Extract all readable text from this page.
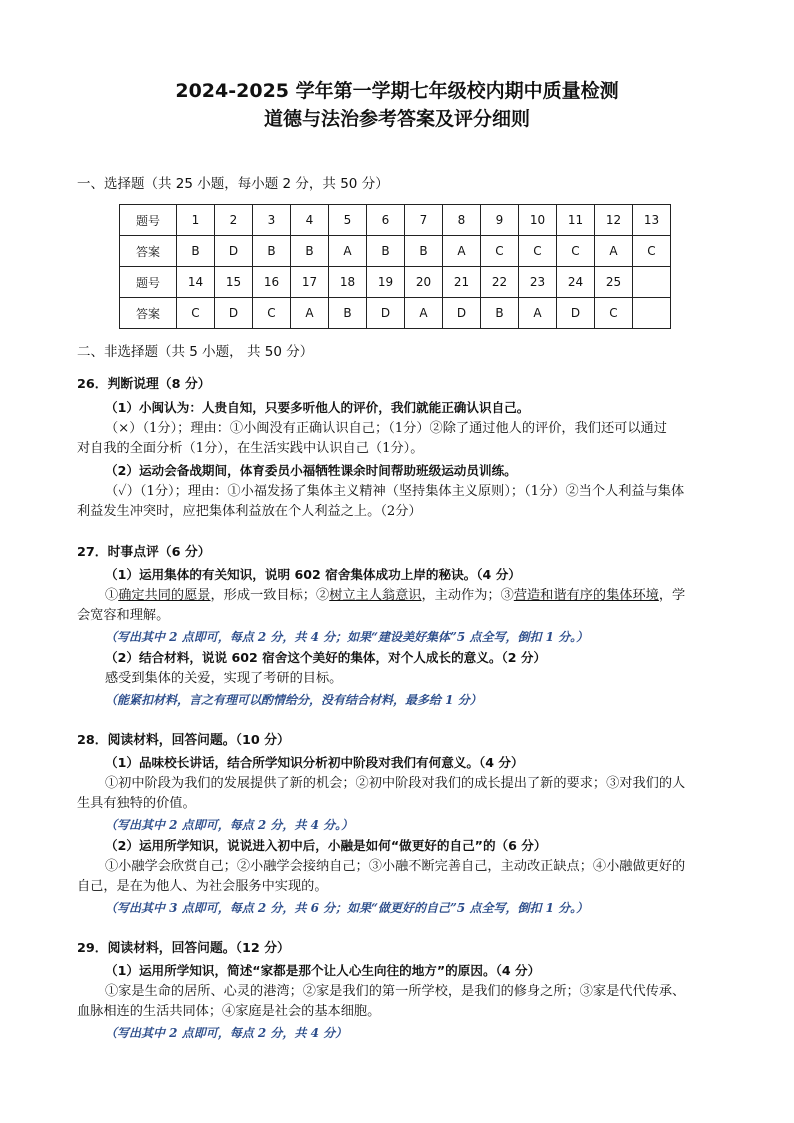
2024-2025 学年第一学期七年级校内期中质量检测
道德与法治参考答案及评分细则
一、选择题（共 25 小题，每小题 2 分，共 50 分）
题号	1	2	3	4	5	6	7	8	9	10	11	12	13
答案	B	D	B	B	A	B	B	A	C	C	C	A	C
题号	14	15	16	17	18	19	20	21	22	23	24	25	
答案	C	D	C	A	B	D	A	D	B	A	D	C	
二、非选择题（共 5 小题， 共 50 分）
26．判断说理（8 分）
（1）小闽认为：人贵自知，只要多听他人的评价，我们就能正确认识自己。
（×）（1分）；理由：①小闽没有正确认识自己；（1分）②除了通过他人的评价，我们还可以通过
对自我的全面分析（1分），在生活实践中认识自己（1分）。
（2）运动会备战期间，体育委员小福牺牲课余时间帮助班级运动员训练。
（✓）（1分）；理由：①小福发扬了集体主义精神（坚持集体主义原则）；（1分）②当个人利益与集体
利益发生冲突时，应把集体利益放在个人利益之上。（2分）
27．时事点评（6 分）
（1）运用集体的有关知识，说明 602 宿舍集体成功上岸的秘诀。（4 分）
①确定共同的愿景，形成一致目标；②树立主人翁意识，主动作为；③营造和谐有序的集体环境，学
会宽容和理解。
（写出其中 2 点即可，每点 2 分，共 4 分；如果“建设美好集体”5 点全写，倒扣 1 分。）
（2）结合材料，说说 602 宿舍这个美好的集体，对个人成长的意义。（2 分）
感受到集体的关爱，实现了考研的目标。
（能紧扣材料，言之有理可以酌情给分，没有结合材料，最多给 1 分）
28．阅读材料，回答问题。（10 分）
（1）品味校长讲话，结合所学知识分析初中阶段对我们有何意义。（4 分）
①初中阶段为我们的发展提供了新的机会；②初中阶段对我们的成长提出了新的要求；③对我们的人
生具有独特的价值。
（写出其中 2 点即可，每点 2 分，共 4 分。）
（2）运用所学知识，说说进入初中后，小融是如何“做更好的自己”的（6 分）
①小融学会欣赏自己；②小融学会接纳自己；③小融不断完善自己，主动改正缺点；④小融做更好的
自己，是在为他人、为社会服务中实现的。
（写出其中 3 点即可，每点 2 分，共 6 分；如果“做更好的自己”5 点全写，倒扣 1 分。）
29．阅读材料，回答问题。（12 分）
（1）运用所学知识，简述“家都是那个让人心生向往的地方”的原因。（4 分）
①家是生命的居所、心灵的港湾；②家是我们的第一所学校，是我们的修身之所；③家是代代传承、
血脉相连的生活共同体；④家庭是社会的基本细胞。
（写出其中 2 点即可，每点 2 分，共 4 分）
